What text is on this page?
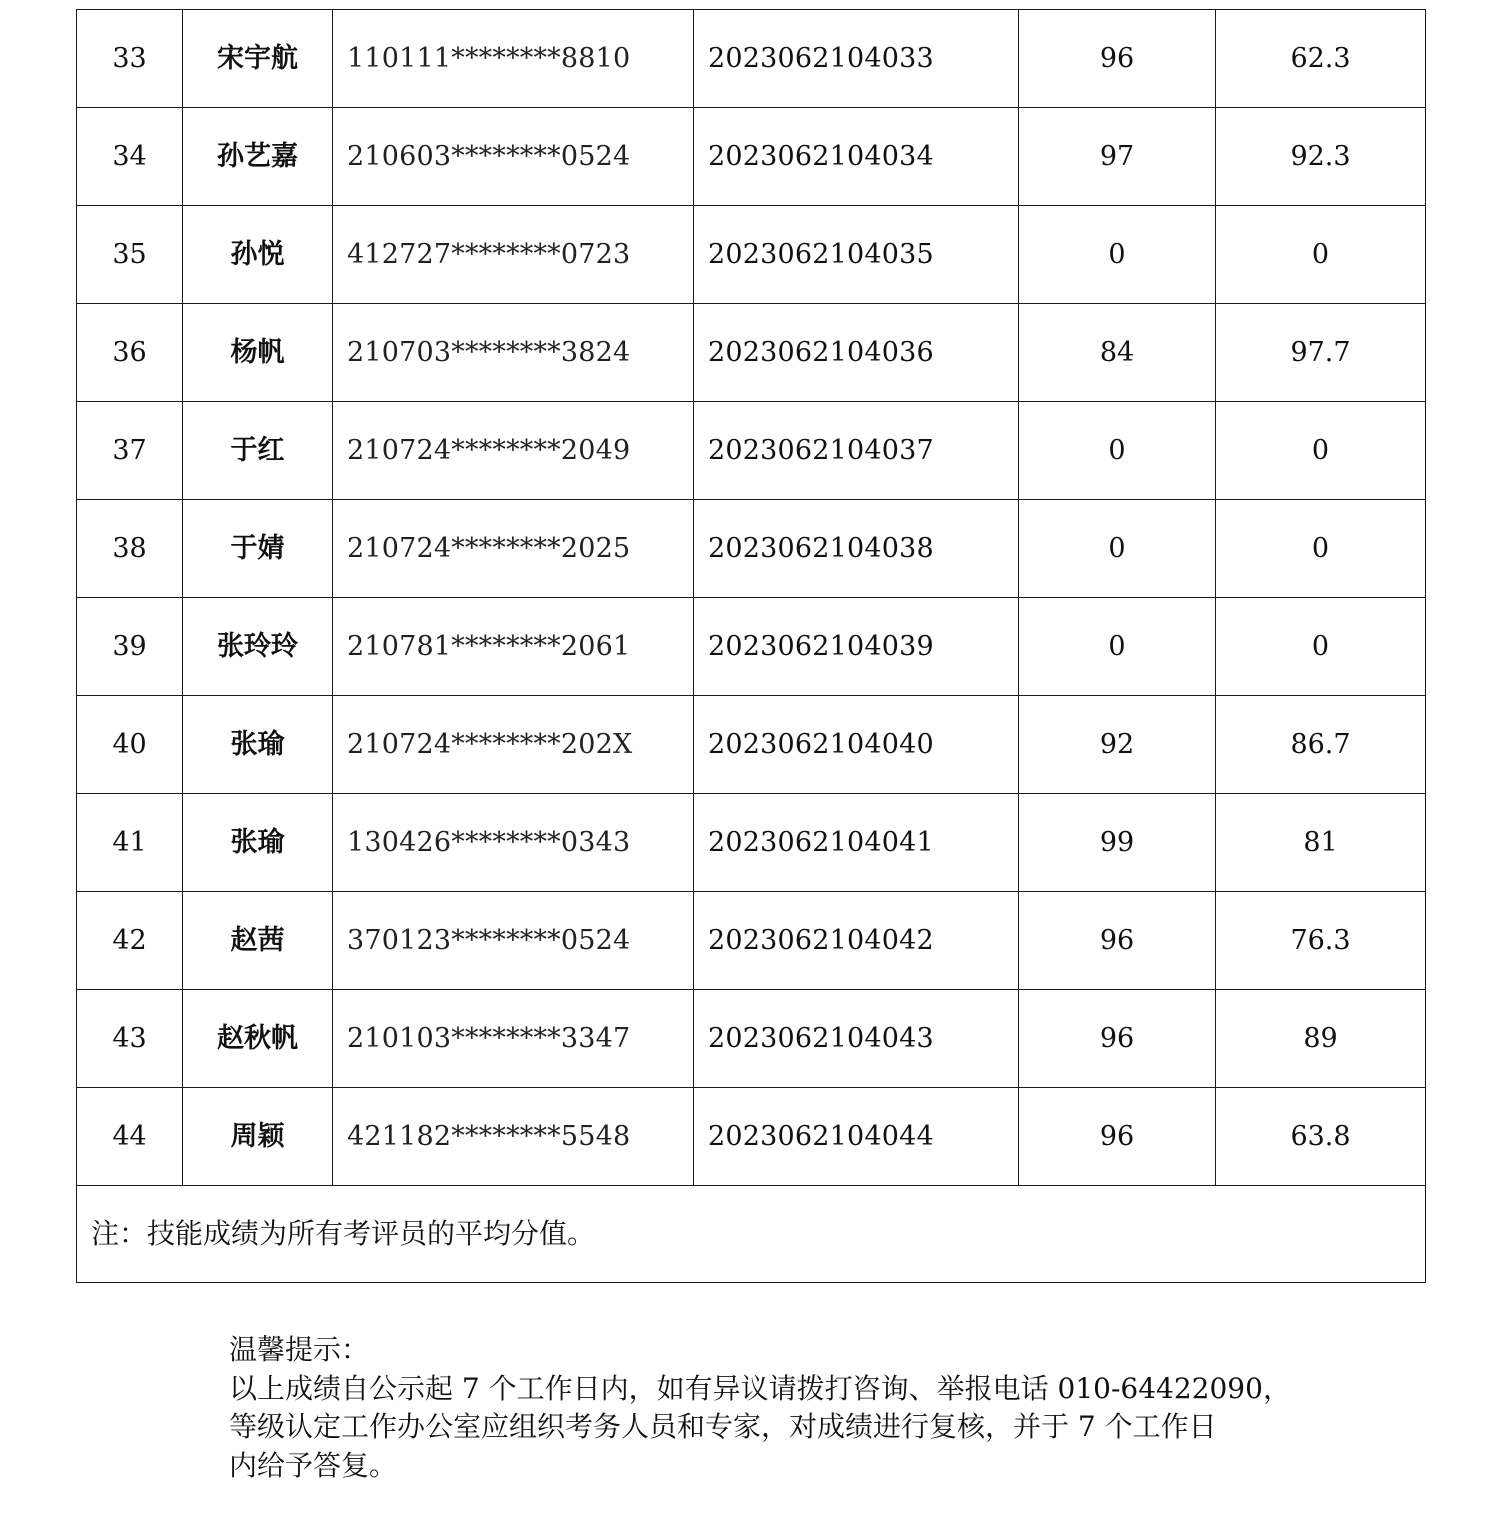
33	宋宇航	110111********8810	2023062104033	96	62.3
34	孙艺嘉	210603********0524	2023062104034	97	92.3
35	孙悦	412727********0723	2023062104035	0	0
36	杨帆	210703********3824	2023062104036	84	97.7
37	于红	210724********2049	2023062104037	0	0
38	于婧	210724********2025	2023062104038	0	0
39	张玲玲	210781********2061	2023062104039	0	0
40	张瑜	210724********202X	2023062104040	92	86.7
41	张瑜	130426********0343	2023062104041	99	81
42	赵茜	370123********0524	2023062104042	96	76.3
43	赵秋帆	210103********3347	2023062104043	96	89
44	周颖	421182********5548	2023062104044	96	63.8
注：技能成绩为所有考评员的平均分值。					
温馨提示：
以上成绩自公示起 7 个工作日内，如有异议请拨打咨询、举报电话 010-64422090，
等级认定工作办公室应组织考务人员和专家，对成绩进行复核，并于 7 个工作日
内给予答复。
